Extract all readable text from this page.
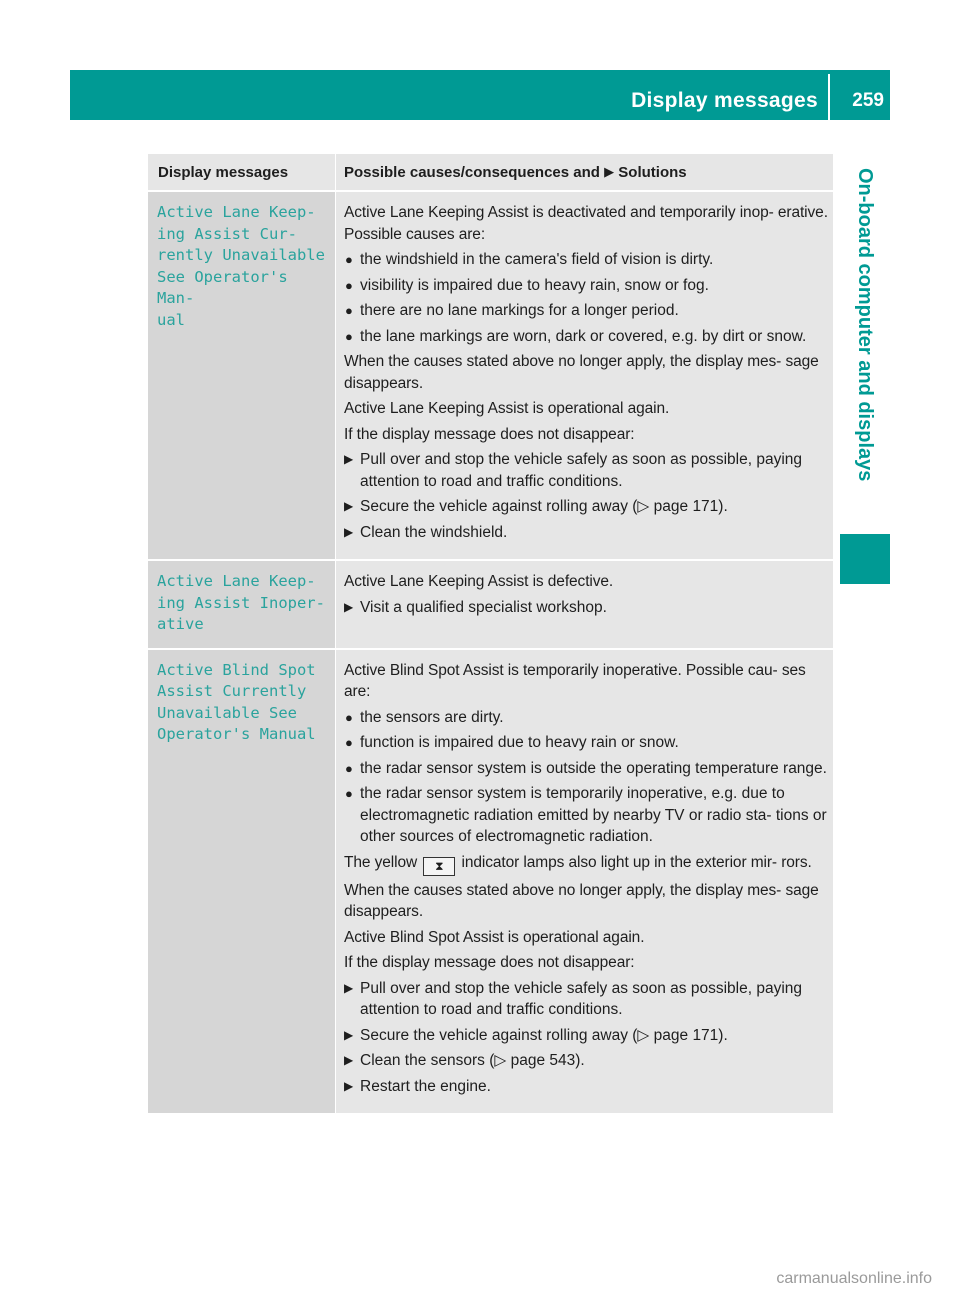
Display messages 259
On-board computer and displays
Display messages	Possible causes/consequences and ▶ Solutions
Active Lane Keep‐
ing Assist Cur‐
rently Unavailable
See Operator's Man‐
ual

Active Lane Keeping Assist is deactivated and temporarily inop‐ erative. Possible causes are:

● the windshield in the camera's field of vision is dirty.
● visibility is impaired due to heavy rain, snow or fog.
● there are no lane markings for a longer period.
● the lane markings are worn, dark or covered, e.g. by dirt or snow.

When the causes stated above no longer apply, the display mes‐ sage disappears.

Active Lane Keeping Assist is operational again.

If the display message does not disappear:

▶ Pull over and stop the vehicle safely as soon as possible, paying attention to road and traffic conditions.
▶ Secure the vehicle against rolling away (▷ page 171).
▶ Clean the windshield.
Active Lane Keep‐
ing Assist Inoper‐
ative

Active Lane Keeping Assist is defective.

▶ Visit a qualified specialist workshop.
Active Blind Spot
Assist Currently
Unavailable See
Operator's Manual

Active Blind Spot Assist is temporarily inoperative. Possible cau‐ ses are:

● the sensors are dirty.
● function is impaired due to heavy rain or snow.
● the radar sensor system is outside the operating temperature range.
● the radar sensor system is temporarily inoperative, e.g. due to electromagnetic radiation emitted by nearby TV or radio sta‐ tions or other sources of electromagnetic radiation.

The yellow ⧗ indicator lamps also light up in the exterior mir‐ rors.

When the causes stated above no longer apply, the display mes‐ sage disappears.

Active Blind Spot Assist is operational again.

If the display message does not disappear:

▶ Pull over and stop the vehicle safely as soon as possible, paying attention to road and traffic conditions.
▶ Secure the vehicle against rolling away (▷ page 171).
▶ Clean the sensors (▷ page 543).
▶ Restart the engine.
carmanualsonline.info
